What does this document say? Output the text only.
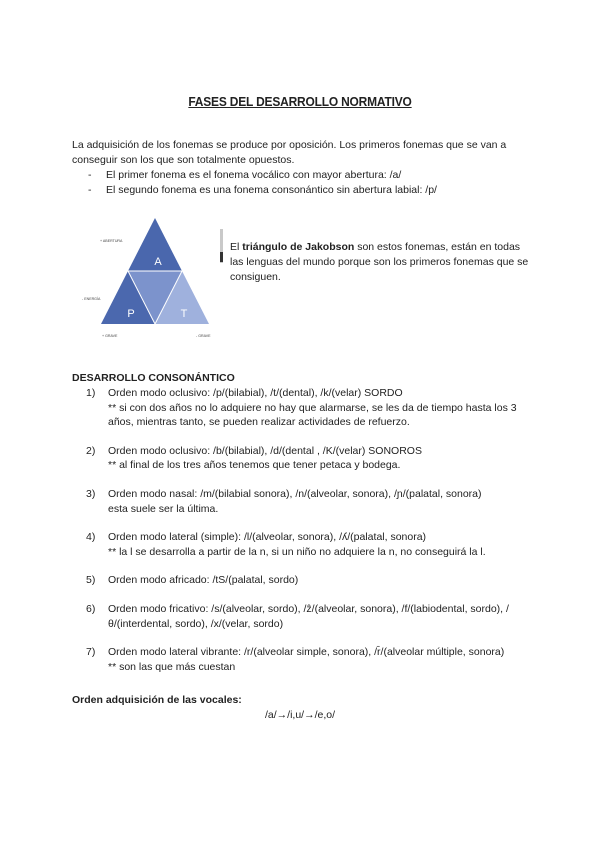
FASES DEL DESARROLLO NORMATIVO

La adquisición de los fonemas se produce por oposición. Los primeros fonemas que se van a conseguir son los que son totalmente opuestos.

- El primer fonema es el fonema vocálico con mayor abertura: /a/
- El segundo fonema es una fonema consonántico sin abertura labial: /p/
A
P	T
+ ABERTURA
- ENERGÍA
+ GRAVE	- GRAVE
El triángulo de Jakobson son estos fonemas, están en todas las lenguas del mundo porque son los primeros fonemas que se consiguen.
DESARROLLO CONSONÁNTICO
1) Orden modo oclusivo: /p/(bilabial), /t/(dental), /k/(velar) SORDO

** si con dos años no lo adquiere no hay que alarmarse, se les da de tiempo hasta los 3 años, mientras tanto, se pueden realizar actividades de refuerzo.

2) Orden modo oclusivo: /b/(bilabial), /d/(dental , /K/(velar) SONOROS

** al final de los tres años tenemos que tener petaca y bodega.

3) Orden modo nasal: /m/(bilabial sonora), /n/(alveolar, sonora), /ɲ/(palatal, sonora)

esta suele ser la última.

4) Orden modo lateral (simple): /l/(alveolar, sonora), /ʎ/(palatal, sonora)

** la l se desarrolla a partir de la n, si un niño no adquiere la n, no conseguirá la l.

5) Orden modo africado: /tS/(palatal, sordo)

6) Orden modo fricativo: /s/(alveolar, sordo), /ẑ/(alveolar, sonora), /f/(labiodental, sordo), /θ/(interdental, sordo), /x/(velar, sordo)

7) Orden modo lateral vibrante: /r/(alveolar simple, sonora), /r̄/(alveolar múltiple, sonora)

** son las que más cuestan

Orden adquisición de las vocales:
/a/→/i,u/→/e,o/
